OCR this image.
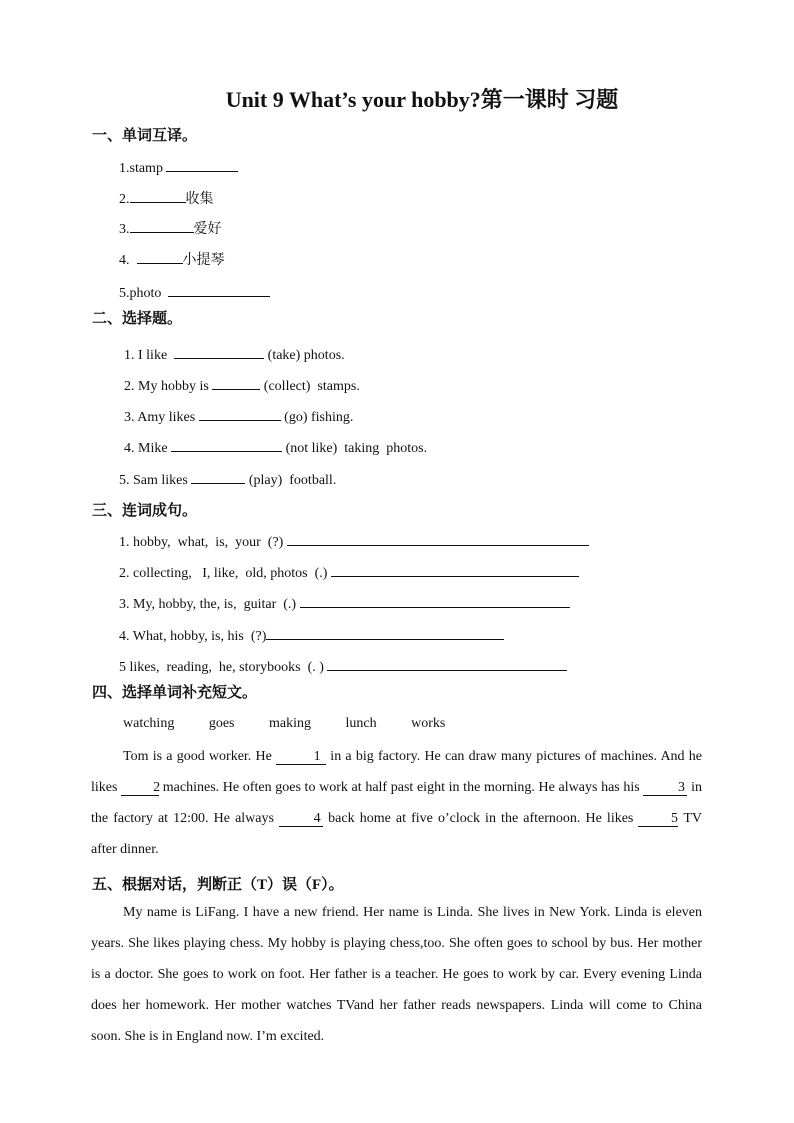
Unit 9 What’s your hobby?第一课时 习题
一、单词互译。
1.stamp
2.	收集
3.	爱好
4.	小提琴
5.photo
二、选择题。
1. I like	(take) photos.
2. My hobby is	(collect)  stamps.
3. Amy likes	(go) fishing.
4. Mike	(not like)  taking  photos.
5. Sam likes	(play)  football.
三、连词成句。
1. hobby,  what,  is,  your  (?)
2. collecting,   I, like,  old, photos  (.)
3. My, hobby, the, is,  guitar  (.)
4. What, hobby, is, his  (?)
5 likes,  reading,  he, storybooks  (. )
四、选择单词补充短文。
watching goes making lunch works

Tom is a good worker. He	1 in a big factory. He can draw many pictures of machines. And he likes 2 machines. He often goes to work at half past eight in the morning. He always has his 3 in the factory at 12:00. He always 4 back home at five o’clock in the afternoon. He likes 5 TV after dinner.

五、根据对话，判断正（T）误（F）。

My name is LiFang. I have a new friend. Her name is Linda. She lives in New York. Linda is eleven years. She likes playing chess. My hobby is playing chess,too. She often goes to school by bus. Her mother is a doctor. She goes to work on foot. Her father is a teacher. He goes to work by car. Every evening Linda does her homework. Her mother watches TVand her father reads newspapers. Linda will come to China soon. She is in England now. I’m excited.
